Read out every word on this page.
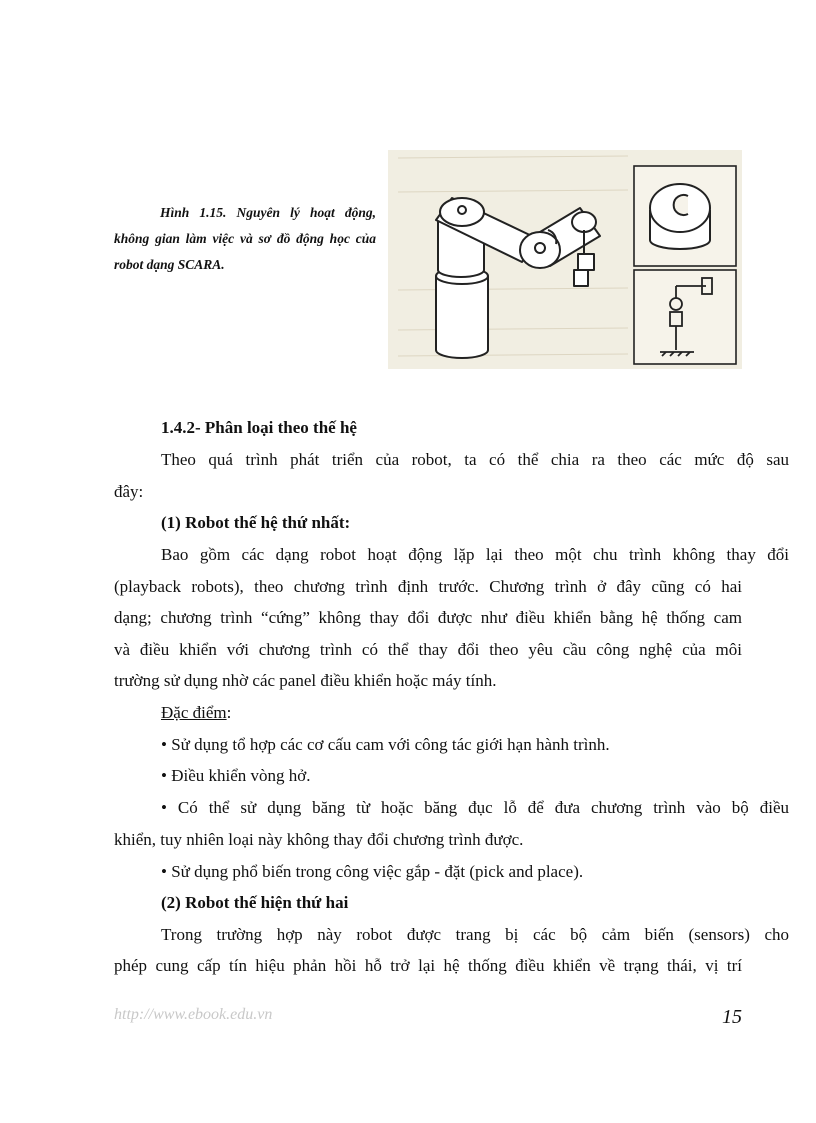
Hình 1.15. Nguyên lý hoạt động, không gian làm việc và sơ đồ động học của robot dạng SCARA.
1.4.2- Phân loại theo thế hệ
Theo quá trình phát triển của robot, ta có thể chia ra theo các mức độ sau
đây:
(1) Robot thế hệ thứ nhất:
Bao gồm các dạng robot hoạt động lặp lại theo một chu trình không thay đổi
(playback robots), theo chương trình định trước. Chương trình ở đây cũng có hai
dạng; chương trình “cứng” không thay đổi được như điều khiển bằng hệ thống cam
và điều khiển với chương trình có thể thay đổi theo yêu cầu công nghệ của môi
trường sử dụng nhờ các panel điều khiển hoặc máy tính.
Đặc điểm:
• Sử dụng tổ hợp các cơ cấu cam với công tác giới hạn hành trình.
• Điều khiển vòng hở.
• Có thể sử dụng băng từ hoặc băng đục lỗ để đưa chương trình vào bộ điều
khiển, tuy nhiên loại này không thay đổi chương trình được.
• Sử dụng phổ biến trong công việc gắp - đặt (pick and place).
(2) Robot thế hiện thứ hai
Trong trường hợp này robot được trang bị các bộ cảm biến (sensors) cho
phép cung cấp tín hiệu phản hồi hỗ trở lại hệ thống điều khiển về trạng thái, vị trí
http://www.ebook.edu.vn	15
